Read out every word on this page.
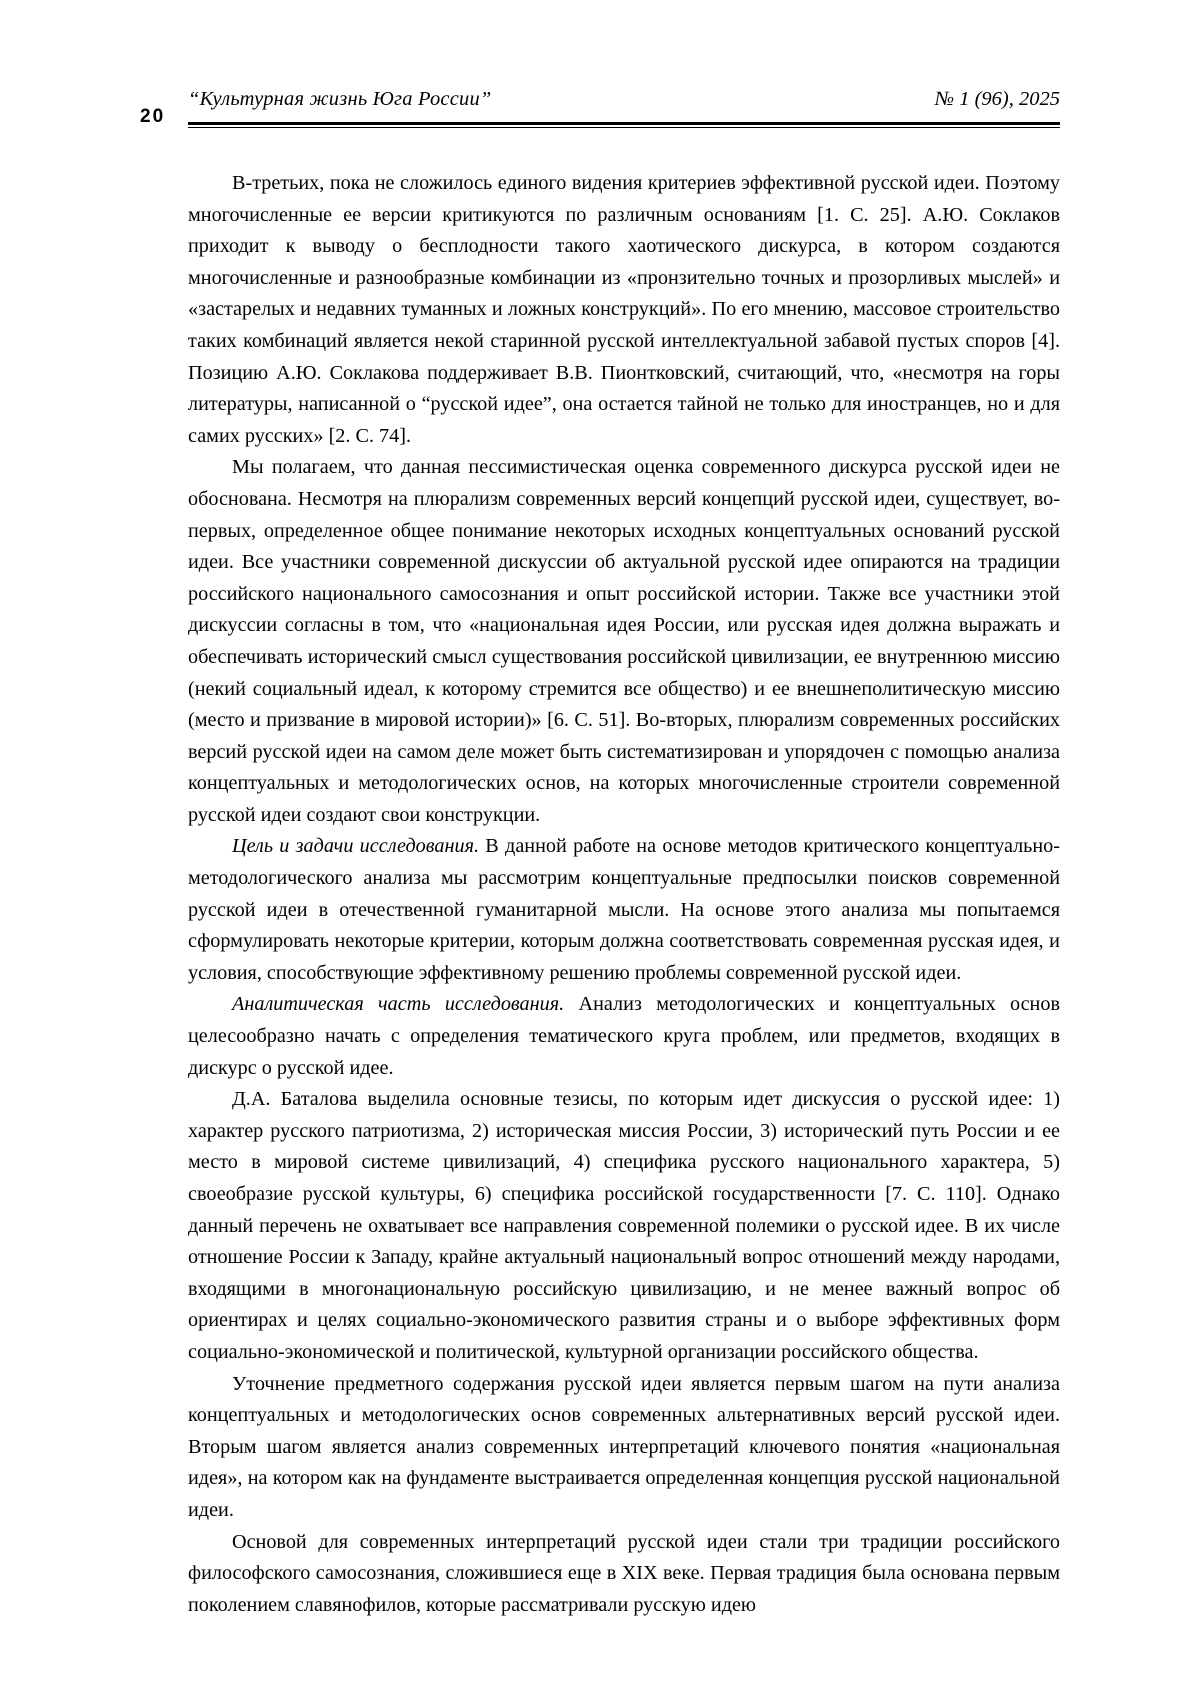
20
“Культурная жизнь Юга России”	№ 1 (96), 2025

В-третьих, пока не сложилось единого видения критериев эффективной русской идеи. Поэтому многочисленные ее версии критикуются по различным основаниям [1. С. 25]. А.Ю. Соклаков приходит к выводу о бесплодности такого хаотического дискурса, в котором создаются многочисленные и разнообразные комбинации из «пронзительно точных и прозорливых мыслей» и «застарелых и недавних туманных и ложных конструкций». По его мнению, массовое строительство таких комбинаций является некой старинной русской интеллектуальной забавой пустых споров [4]. Позицию А.Ю. Соклакова поддерживает В.В. Пионтковский, считающий, что, «несмотря на горы литературы, написанной о “русской идее”, она остается тайной не только для иностранцев, но и для самих русских» [2. С. 74].

Мы полагаем, что данная пессимистическая оценка современного дискурса русской идеи не обоснована. Несмотря на плюрализм современных версий концепций русской идеи, существует, во-первых, определенное общее понимание некоторых исходных концептуальных оснований русской идеи. Все участники современной дискуссии об актуальной русской идее опираются на традиции российского национального самосознания и опыт российской истории. Также все участники этой дискуссии согласны в том, что «национальная идея России, или русская идея должна выражать и обеспечивать исторический смысл существования российской цивилизации, ее внутреннюю миссию (некий социальный идеал, к которому стремится все общество) и ее внешнеполитическую миссию (место и призвание в мировой истории)» [6. С. 51]. Во-вторых, плюрализм современных российских версий русской идеи на самом деле может быть систематизирован и упорядочен с помощью анализа концептуальных и методологических основ, на которых многочисленные строители современной русской идеи создают свои конструкции.

Цель и задачи исследования. В данной работе на основе методов критического концептуально-методологического анализа мы рассмотрим концептуальные предпосылки поисков современной русской идеи в отечественной гуманитарной мысли. На основе этого анализа мы попытаемся сформулировать некоторые критерии, которым должна соответствовать современная русская идея, и условия, способствующие эффективному решению проблемы современной русской идеи.

Аналитическая часть исследования. Анализ методологических и концептуальных основ целесообразно начать с определения тематического круга проблем, или предметов, входящих в дискурс о русской идее.

Д.А. Баталова выделила основные тезисы, по которым идет дискуссия о русской идее: 1) характер русского патриотизма, 2) историческая миссия России, 3) исторический путь России и ее место в мировой системе цивилизаций, 4) специфика русского национального характера, 5) своеобразие русской культуры, 6) специфика российской государственности [7. С. 110]. Однако данный перечень не охватывает все направления современной полемики о русской идее. В их числе отношение России к Западу, крайне актуальный национальный вопрос отношений между народами, входящими в многонациональную российскую цивилизацию, и не менее важный вопрос об ориентирах и целях социально-экономического развития страны и о выборе эффективных форм социально-экономической и политической, культурной организации российского общества.

Уточнение предметного содержания русской идеи является первым шагом на пути анализа концептуальных и методологических основ современных альтернативных версий русской идеи. Вторым шагом является анализ современных интерпретаций ключевого понятия «национальная идея», на котором как на фундаменте выстраивается определенная концепция русской национальной идеи.

Основой для современных интерпретаций русской идеи стали три традиции российского философского самосознания, сложившиеся еще в XIX веке. Первая традиция была основана первым поколением славянофилов, которые рассматривали русскую идею
